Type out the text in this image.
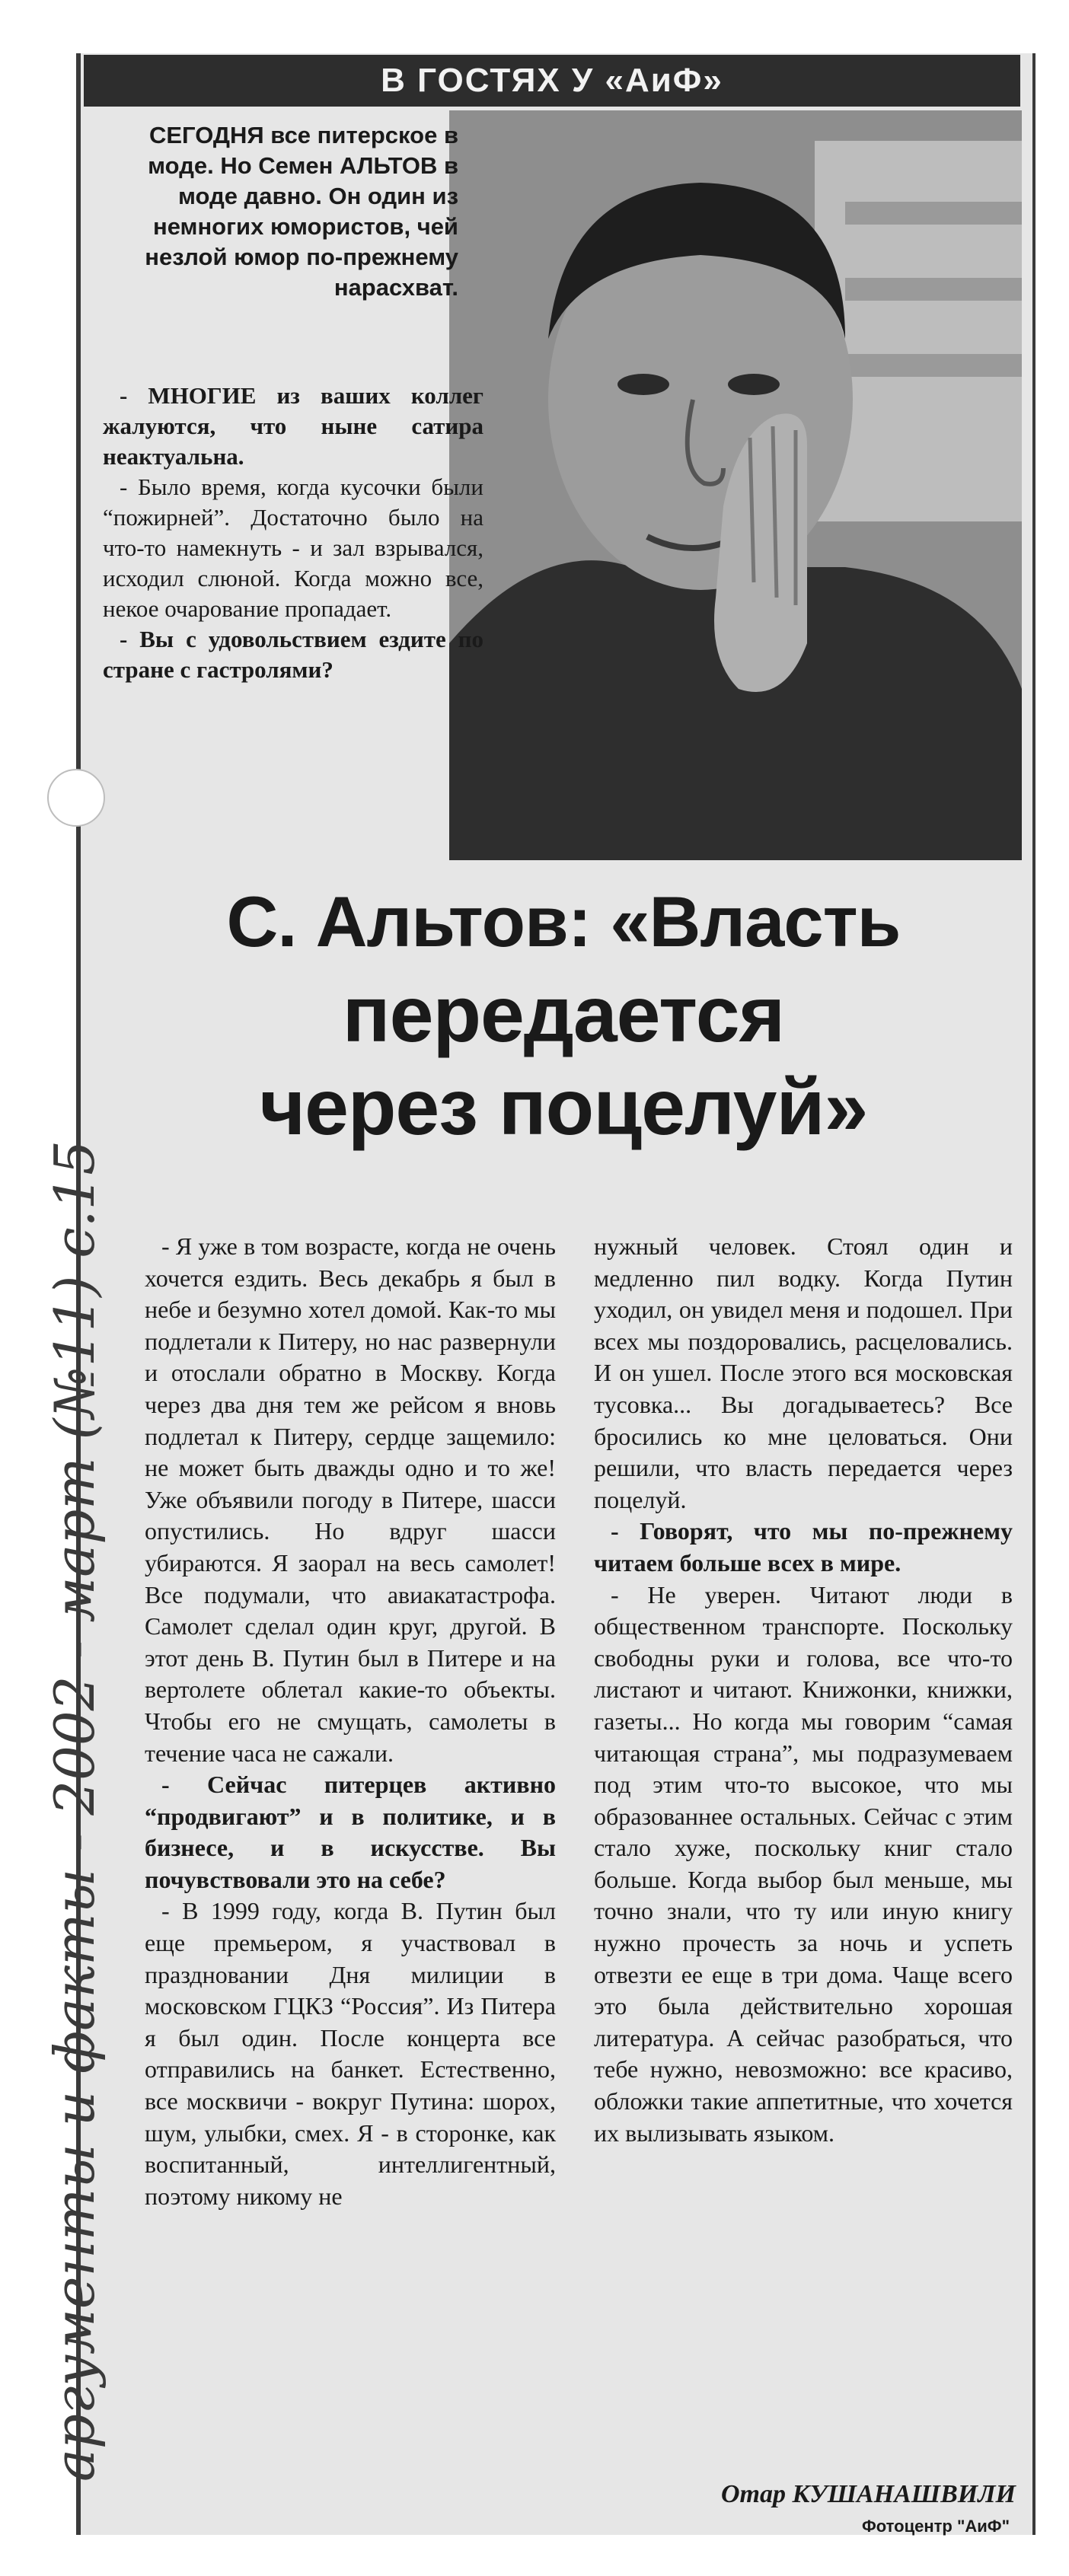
В ГОСТЯХ У «АиФ»
СЕГОДНЯ все питерское в моде. Но Семен АЛЬТОВ в моде давно. Он один из немногих юмористов, чей незлой юмор по-прежнему нарасхват.

- МНОГИЕ из ваших коллег жалуются, что ныне сатира неактуальна.

- Было время, когда кусочки были “пожирней”. Достаточно было на что-то намекнуть - и зал взрывался, исходил слюной. Когда можно все, некое очарование пропадает.

- Вы с удовольствием ездите по стране с гастролями?

С. Альтов: «Власть
передается
через поцелуй»
аргументы и факты - 2002 - март (№11) с.15	- Я уже в том возрасте, когда не очень хочется ездить. Весь декабрь я был в небе и безумно хотел домой. Как-то мы подлетали к Питеру, но нас развернули и отослали обратно в Москву. Когда через два дня тем же рейсом я вновь подлетал к Питеру, сердце защемило: не может быть дважды одно и то же! Уже объявили погоду в Питере, шасси опустились. Но вдруг шасси убираются. Я заорал на весь самолет! Все подумали, что авиакатастрофа. Самолет сделал один круг, другой. В этот день В. Путин был в Питере и на вертолете облетал какие-то объекты. Чтобы его не смущать, самолеты в течение часа не сажали.

- Сейчас питерцев активно “продвигают” и в политике, и в бизнесе, и в искусстве. Вы почувствовали это на себе?

- В 1999 году, когда В. Путин был еще премьером, я участвовал в праздновании Дня милиции в московском ГЦКЗ “Россия”. Из Питера я был один. После концерта все отправились на банкет. Естественно, все москвичи - вокруг Путина: шорох, шум, улыбки, смех. Я - в сторонке, как воспитанный, интеллигентный, поэтому никому не

нужный человек. Стоял один и медленно пил водку. Когда Путин уходил, он увидел меня и подошел. При всех мы поздоровались, расцеловались. И он ушел. После этого вся московская тусовка... Вы догадываетесь? Все бросились ко мне целоваться. Они решили, что власть передается через поцелуй.

- Говорят, что мы по-прежнему читаем больше всех в мире.

- Не уверен. Читают люди в общественном транспорте. Поскольку свободны руки и голова, все что-то листают и читают. Книжонки, книжки, газеты... Но когда мы говорим “самая читающая страна”, мы подразумеваем под этим что-то высокое, что мы образованнее остальных. Сейчас с этим стало хуже, поскольку книг стало больше. Когда выбор был меньше, мы точно знали, что ту или иную книгу нужно прочесть за ночь и успеть отвезти ее еще в три дома. Чаще всего это была действительно хорошая литература. А сейчас разобраться, что тебе нужно, невозможно: все красиво, обложки такие аппетитные, что хочется их вылизывать языком.

Отар КУШАНАШВИЛИ
Фотоцентр "АиФ"
